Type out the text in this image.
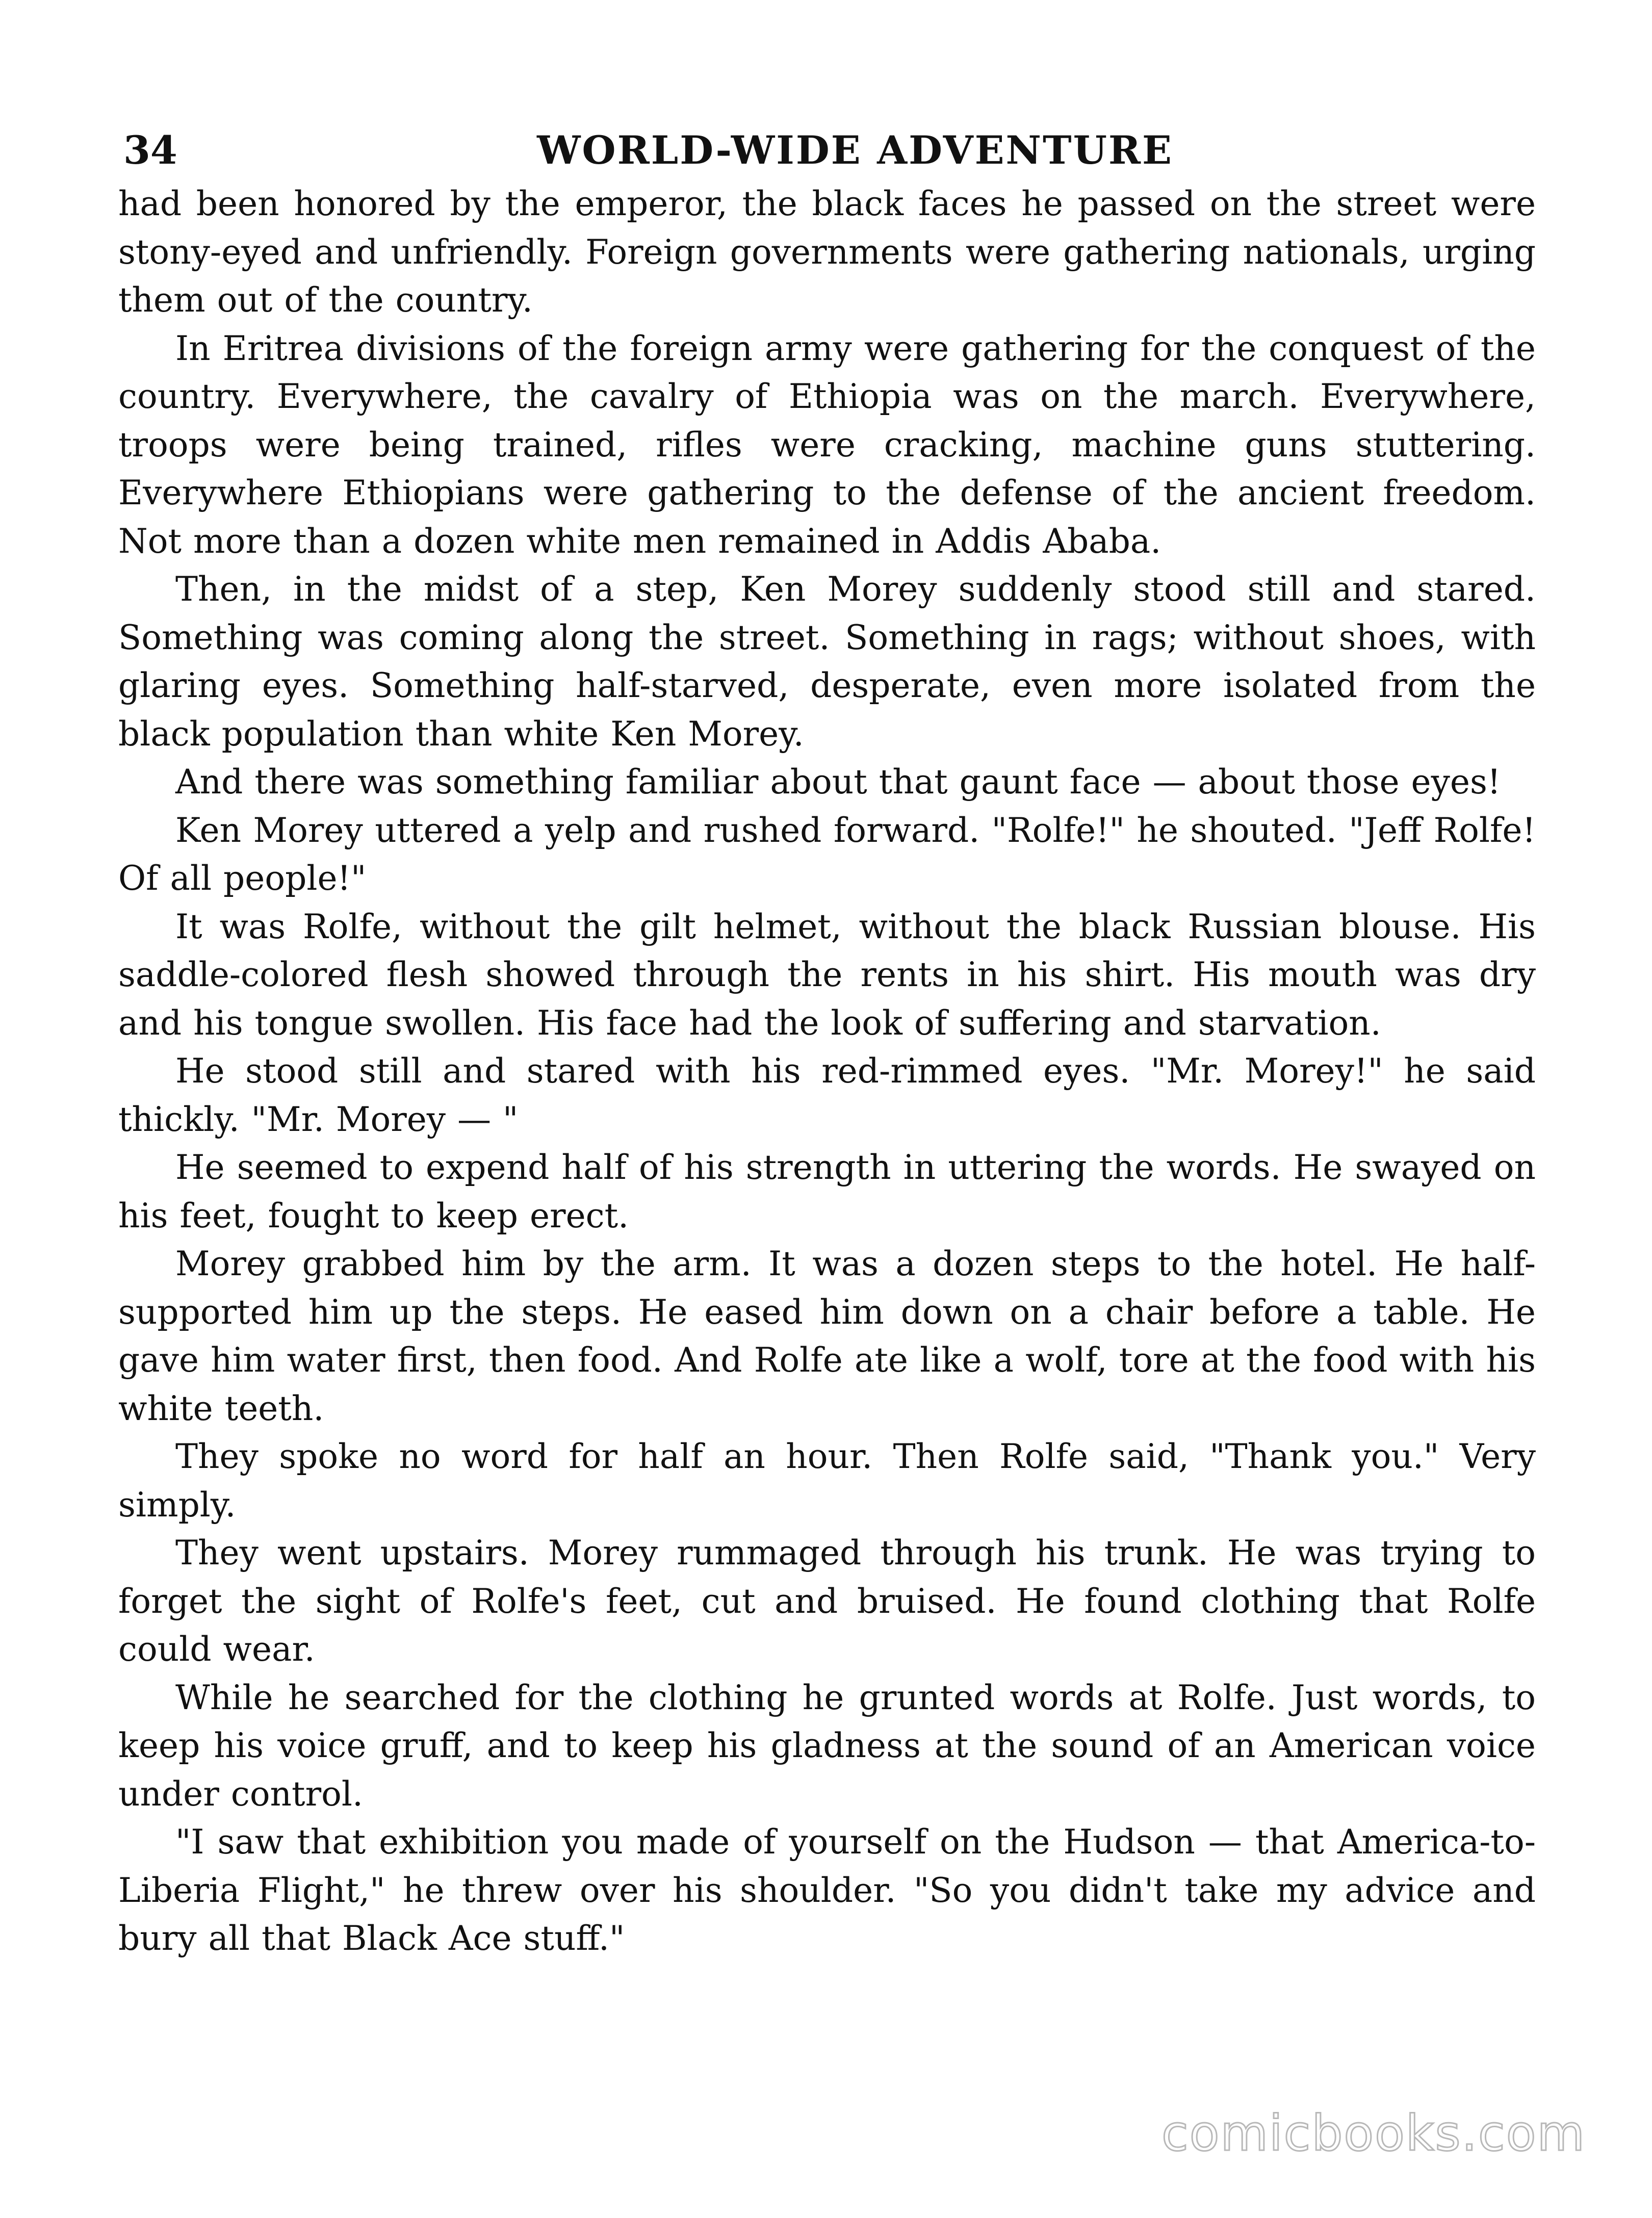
34	WORLD-WIDE ADVENTURE

had been honored by the emperor, the black faces he passed on the street were stony-eyed and unfriendly. Foreign governments were gathering nationals, urging them out of the country.

In Eritrea divisions of the foreign army were gathering for the conquest of the country. Everywhere, the cavalry of Ethiopia was on the march. Everywhere, troops were being trained, rifles were cracking, machine guns stuttering. Everywhere Ethiopians were gathering to the defense of the ancient freedom. Not more than a dozen white men remained in Addis Ababa.

Then, in the midst of a step, Ken Morey suddenly stood still and stared. Something was coming along the street. Something in rags; without shoes, with glaring eyes. Something half-starved, desperate, even more isolated from the black population than white Ken Morey.

And there was something familiar about that gaunt face — about those eyes!

Ken Morey uttered a yelp and rushed forward. "Rolfe!" he shouted. "Jeff Rolfe! Of all people!"

It was Rolfe, without the gilt helmet, without the black Russian blouse. His saddle-colored flesh showed through the rents in his shirt. His mouth was dry and his tongue swollen. His face had the look of suffering and starvation.

He stood still and stared with his red-rimmed eyes. "Mr. Morey!" he said thickly. "Mr. Morey — "

He seemed to expend half of his strength in uttering the words. He swayed on his feet, fought to keep erect.

Morey grabbed him by the arm. It was a dozen steps to the hotel. He half-supported him up the steps. He eased him down on a chair before a table. He gave him water first, then food. And Rolfe ate like a wolf, tore at the food with his white teeth.

They spoke no word for half an hour. Then Rolfe said, "Thank you." Very simply.

They went upstairs. Morey rummaged through his trunk. He was trying to forget the sight of Rolfe's feet, cut and bruised. He found clothing that Rolfe could wear.

While he searched for the clothing he grunted words at Rolfe. Just words, to keep his voice gruff, and to keep his gladness at the sound of an American voice under control.

"I saw that exhibition you made of yourself on the Hudson — that America-to-Liberia Flight," he threw over his shoulder. "So you didn't take my advice and bury all that Black Ace stuff."

comicbooks.com
